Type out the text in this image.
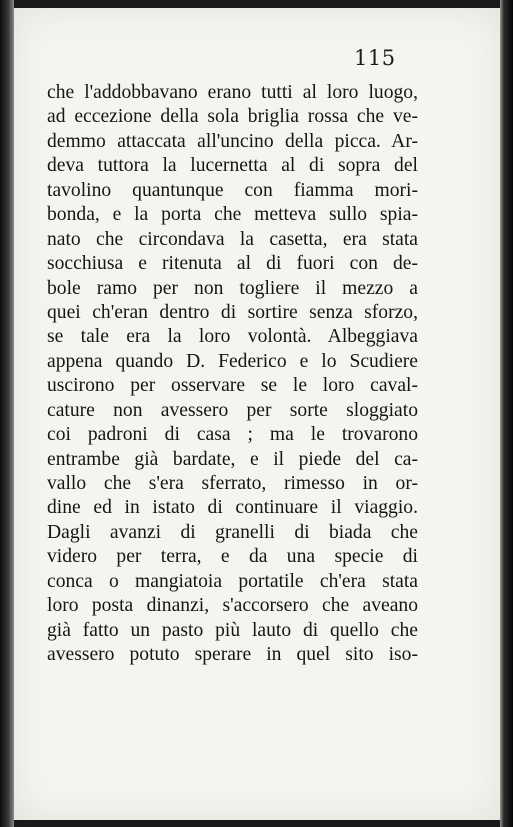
115
che l'addobbavano erano tutti al loro luogo,
ad eccezione della sola briglia rossa che ve-
demmo attaccata all'uncino della picca. Ar-
deva tuttora la lucernetta al di sopra del
tavolino quantunque con fiamma mori-
bonda, e la porta che metteva sullo spia-
nato che circondava la casetta, era stata
socchiusa e ritenuta al di fuori con de-
bole ramo per non togliere il mezzo a
quei ch'eran dentro di sortire senza sforzo,
se tale era la loro volontà. Albeggiava
appena quando D. Federico e lo Scudiere
uscirono per osservare se le loro caval-
cature non avessero per sorte sloggiato
coi padroni di casa ; ma le trovarono
entrambe già bardate, e il piede del ca-
vallo che s'era sferrato, rimesso in or-
dine ed in istato di continuare il viaggio.
Dagli avanzi di granelli di biada che
videro per terra, e da una specie di
conca o mangiatoia portatile ch'era stata
loro posta dinanzi, s'accorsero che aveano
già fatto un pasto più lauto di quello che
avessero potuto sperare in quel sito iso-
